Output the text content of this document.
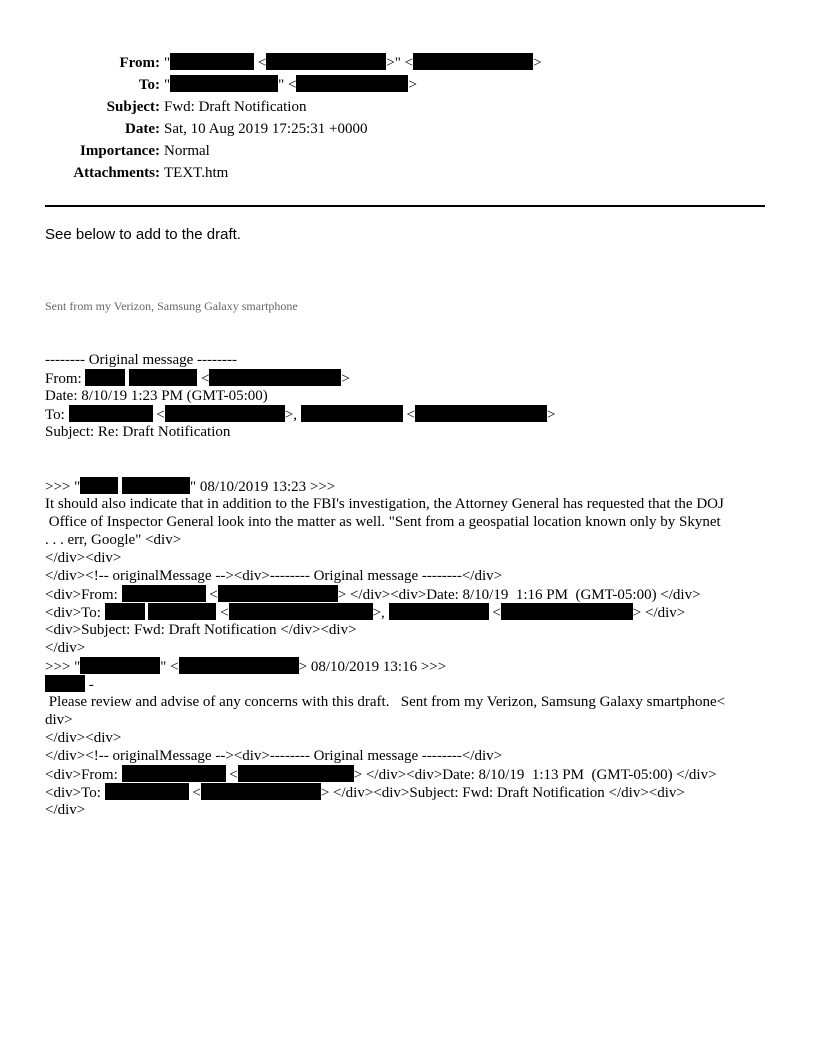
From: "	<	>" <	>
To: "	" <	>
Subject: Fwd: Draft Notification
Date: Sat, 10 Aug 2019 17:25:31 +0000
Importance: Normal
Attachments: TEXT.htm
See below to add to the draft.
Sent from my Verizon, Samsung Galaxy smartphone
-------- Original message --------
From:	<	>
Date: 8/10/19 1:23 PM (GMT-05:00)
To:	<	>,	<	>
Subject: Re: Draft Notification
>>> "	" 08/10/2019 13:23 >>>
It should also indicate that in addition to the FBI's investigation, the Attorney General has requested that the DOJ
Office of Inspector General look into the matter as well. "Sent from a geospatial location known only by Skynet
. . . err, Google" <div>
</div><div>
</div><!-- originalMessage --><div>-------- Original message --------</div>
<div>From:	<	> </div><div>Date: 8/10/19  1:16 PM  (GMT-05:00) </div>
<div>To:	<	>,	<	> </div>
<div>Subject: Fwd: Draft Notification </div><div>
</div>
>>> "	" <	> 08/10/2019 13:16 >>>
-
Please review and advise of any concerns with this draft.   Sent from my Verizon, Samsung Galaxy smartphone<
div>
</div><div>
</div><!-- originalMessage --><div>-------- Original message --------</div>
<div>From:	<	> </div><div>Date: 8/10/19  1:13 PM  (GMT-05:00) </div>
<div>To:	<	> </div><div>Subject: Fwd: Draft Notification </div><div>
</div>
